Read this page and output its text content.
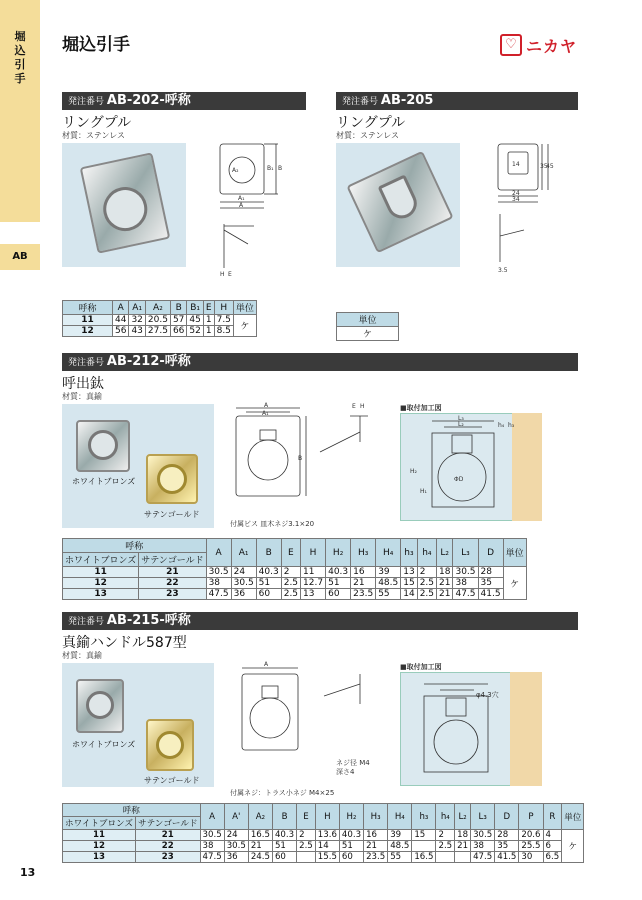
堀込引手
AB
堀込引手	♡ ニカヤ
発注番号 AB-202-呼称
リングプル
材質：ステンレス
B
B₁
A₁
A
A₂
H E
呼称	A	A₁	A₂	B	B₁	E	H	単位
11	44	32	20.5	57	45	1	7.5	ケ
12	56	43	27.5	66	52	1	8.5	
発注番号 AB-205
リングプル
材質：ステンレス
14	35
45
24
34
3.5
単位
ケ
発注番号 AB-212-呼称
呼出鈦
材質：真鍮
ホワイトブロンズ
サテンゴールド
A
A₁
B
E H
付属ビス 皿木ネジ3.1×20
■取付加工図
L₃
L₂
ΦD
H₂
H₁
h₄ h₃
呼称		A	A₁	B	E	H	H₂	H₃	H₄	h₃	h₄	L₂	L₃	D	単位
ホワイトブロンズ	サテンゴールド														
11	21	30.5	24	40.3	2	11	40.3	16	39	13	2	18	30.5	28	ケ
12	22	38	30.5	51	2.5	12.7	51	21	48.5	15	2.5	21	38	35	
13	23	47.5	36	60	2.5	13	60	23.5	55	14	2.5	21	47.5	41.5	
発注番号 AB-215-呼称
真鍮ハンドル587型
材質：真鍮
ホワイトブロンズ
サテンゴールド
A
ネジ径 M4
深さ4
付属ネジ：トラス小ネジ M4×25
■取付加工図
φ4.3穴
呼称		A	A'	A₂	B	E	H	H₂	H₃	H₄	h₃	h₄	L₂	L₃	D	P	R	単位
ホワイトブロンズ	サテンゴールド																	
11	21	30.5	24	16.5	40.3	2	13.6	40.3	16	39	15	2	18	30.5	28	20.6	4	ケ
12	22	38	30.5	21	51	2.5	14	51	21	48.5		2.5	21	38	35	25.5	6	
13	23	47.5	36	24.5	60		15.5	60	23.5	55	16.5			47.5	41.5	30	6.5	
13
